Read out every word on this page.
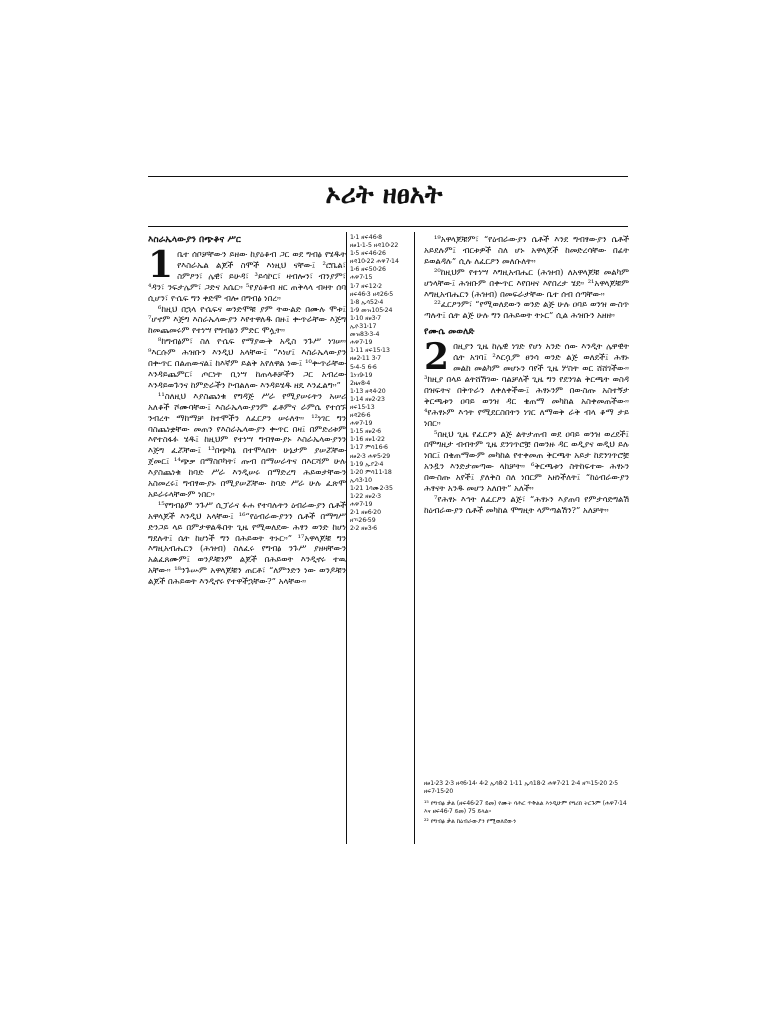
ኦሪት ዘፀአት
እስራኤላውያን በጭቆና ሥር
1 ቤተ ሰቦቻቸውን ይዘው ከያዕቆብ ጋር ወደ ግብፅ የሄዱት የእስራኤል ልጆች ስሞች እነዚህ ናቸው፤ ²ሮቤል፣ ስምዖን፣ ሌዊ፣ ይሁዳ፣ ³ይሳኮር፣ ዛብሎን፣ ብንያም፣ ⁴ዳን፣ ንፍታሌም፣ ጋድና አሴር። ⁵የያዕቆብ ዘር ጠቅላላ ብዛት ሰባ ሲሆን፣ ዮሴፍ ግን ቀድሞ ብሎ በግብፅ ነበረ።

⁶ከዚህ በኋላ ዮሴፍና ወንድሞቹ ያም ትውልድ በሙሉ ሞቱ፤ ⁷ሆኖም እጅግ እስራኤላውያን እየተዋለዱ በዙ፤ ቍጥራቸው እጅግ ከመጨመሩም የተነሣ የግብፅን ምድር ሞሏት።

⁸ከግብፅም፣ ስለ ዮሴፍ የማያውቅ አዲስ ንጉሥ ነገሠ። ⁹እርሱም ሕዝቡን እንዲህ አላቸው፤ “እነሆ፤ እስራኤላውያን በቍጥር በልጠውናል፤ ከእኛም ይልቅ አየለዋል ነው፤ ¹⁰ቍጥራቸው እንዳይጨምር፣ ጦርነት ቢነሣ ከጠላቶቻችን ጋር አብረው እንዳይወጉንና ከምድራችን ኮብልለው እንዳይሄዱ ዘዴ እንፈልግ።”

¹¹ስለዚህ እያስጨነቁ የግዳጅ ሥራ የሚያሠሩትን አሠሪ አለቆች ሾሙባቸው፤ እስራኤላውያንም ፊቶምና ራምሴ የተሰኙ ንብረት ማከማቻ ከተሞችን ለፈርዖን ሠሩለት። ¹²ነገር ግን ባስጨነቋቸው መጠን የእስራኤላውያን ቍጥር በዛ፤ በምድሪቱም እየተስፋፉ ሄዱ፤ ከዚህም የተነሣ ግብፃውያኑ እስራኤላውያንን እጅግ ፈሯቸው፤ ¹³በጭካኔ በተሞላበት ሁኔታም ያሠሯቸው ጀመር፤ ¹⁴ጭቃ በማስቦካት፣ ጡብ በማሠራትና በእርሻም ሁሉ እያስጨነቁ ከባድ ሥራ እንዲሠሩ በማድረግ ሕይወታቸውን አስመረሩ፤ ግብፃውያኑ በሚያሠሯቸው ከባድ ሥራ ሁሉ ፈጽሞ አይራሩላቸውም ነበር።

¹⁵የግብፅም ንጉሥ ሲፓራና ፉሐ የተባሉትን ዕብራውያን ሴቶች አዋላጆች እንዲህ አላቸው፤ ¹⁶“የዕብራውያንን ሴቶች በማግሥ ድንጋይ ላይ በምታዋልዱበት ጊዜ የሚወለደው ሕፃን ወንድ ከሆነ ግደሉት፤ ሴት ከሆነች ግን በሕይወት ትኑር።” ¹⁷አዋላጆቹ ግን እግዚአብሔርን (ሕዝብ) ስለፈሩ የግብፅ ንጉሥ ያዘዛቸውን አልፈጸሙም፤ ወንዶቹንም ልጆች በሕይወት እንዲኖሩ ተዉ አቸው። ¹⁸ንጉሡም አዋላጆቹን ጠርቶ፣ “ለምንድን ነው ወንዶቹን ልጆች በሕይወት እንዲኖሩ የተዋችኋቸው?” አላቸው።

1፡1 ዘፍ46፡8
ዘፀ1፡1-5 ዘዳ10፡22
1፡5 ዘፍ46፡26
ዘዳ10፡22 ሐዋ7፡14
1፡6 ዘፍ50፡26
ሐዋ7፡15
1፡7 ዘፍ12፡2
ዘፍ46፡3 ዘዳ26፡5
1፡8 ኢሳ52፡4
1፡9 መዝ105፡24
1፡10 ዘፀ3፡7
ኢዮ31፡17
መዝ83፡3-4
ሐዋ7፡19
1፡11 ዘፍ15፡13
ዘፀ2፡11 3፡7
5፡4-5 6፡6
1ነገ9፡19
2ዜና8፡4
1፡13 ዘዳ4፡20
1፡14 ዘፀ2፡23
ዘፍ15፡13
ዘዳ26፡6
ሐዋ7፡19
1፡15 ዘፀ2፡6
1፡16 ዘፀ1፡22
1፡17 ምሳ16፡6
ዘፀ2፡3 ሐዋ5፡29
1፡19 ኢያ2፡4
1፡20 ምሳ11፡18
ኢሳ3፡10
1፡21 1ሳሙ2፡35
1፡22 ዘፀ2፡3
ሐዋ7፡19
2፡1 ዘፀ6፡20
ዘኍ26፡59
2፡2 ዘፀ3፡6

¹⁹አዋላጆቹም፣ “የዕብራውያን ሴቶች እንደ ግብፃውያን ሴቶች አይደሉም፤ ብርቱዎች ስለ ሆኑ አዋላጆች ከመድረሳቸው በፊት ይወልዳሉ” ሲሉ ለፈርዖን መለሱለት።

²⁰ከዚህም የተነሣ እግዚአብሔር (ሕዝብ) ለአዋላጆቹ መልካም ሆነላቸው፤ ሕዝቡም በቍጥር እየበዛና እየበረታ ሄደ። ²¹አዋላጆቹም እግዚአብሔርን (ሕዝብ) በመፍራታቸው ቤተ ሰብ ሰጣቸው።

²²ፈርዖንም፣ “የሚወለደውን ወንድ ልጅ ሁሉ ዐባይ ወንዝ ውስጥ ጣሉት፤ ሴት ልጅ ሁሉ ግን በሕይወት ትኑር” ሲል ሕዝቡን አዘዘ።

የሙሴ መወለድ
2 በዚያን ጊዜ ከሌዊ ነገድ የሆነ አንድ ሰው እንዲት ሌዋዊት ሴት አገባ፤ ²እርሷም ፀንሳ ወንድ ልጅ ወለደች፤ ሕፃኑ መልከ መልካም መሆኑን ባየች ጊዜ ሦስት ወር ሸሸገችው። ³ከዚያ በላይ ልትሸሽገው ባልቻለች ጊዜ ግን የደንገል ቅርጫት ወስዳ በዝፍትና በቅጥራን ለቀለቀችው፤ ሕፃኑንም በውስጡ አስተኝታ ቅርጫቱን ዐባይ ወንዝ ዳር ቄጠማ መካከል አስቀመጠችው። ⁴የሕፃኑም እኅት የሚደርስበትን ነገር ለማወቅ ራቅ ብላ ቆማ ታይ ነበር።

⁵በዚህ ጊዜ የፈርዖን ልጅ ልትታጠብ ወደ ዐባይ ወንዝ ወረደች፤ በሞግዚታ ብብትም ጊዜ ደንገጥሮቿ በወንዙ ዳር ወዲያና ወዲህ ይሉ ነበር፤ በቄጠማውም መካከል የተቀመጠ ቅርጫት አይታ ከደንገጥሮቿ አንዷን እንድታመጣው ላከቻት። ⁶ቅርጫቱን ስትከፍተው ሕፃኑን በውስጡ አየች፤ ያለቅስ ስለ ነበርም አዘነችለት፤ “ከዕብራውያን ሕፃናት አንዱ መሆን አለበት” አለች።

⁷የሕፃኑ እኅት ለፈርዖን ልጅ፣ “ሕፃኑን እያጠባ የምታሳድግልሽ ከዕብራውያን ሴቶች መካከል ሞግዚት ላምጣልሽን?” አለቻት።

ዘፀ1፡23 2፡3 ዘዳ6፡14፡ 4፡2 ኢሳ8፡2 1፡11 ኢሳ18፡2 ሐዋ7፡21 2፡4 ዘኍ15፡20 2፡5 ዘፍ7፡15፡20

¹⁵ የግብፅ ቃል (ዘፍ46፡27 ይመ) የሙት ባሕር ጥቅልል እንዲሁም የግሪክ ትርጉም (ሐዋ7፡14 እና ዘፍ46፡7 ይመ) 75 ይላል።

²² የግብፅ ቃል ከዕብራውያን የሚወለደውን
